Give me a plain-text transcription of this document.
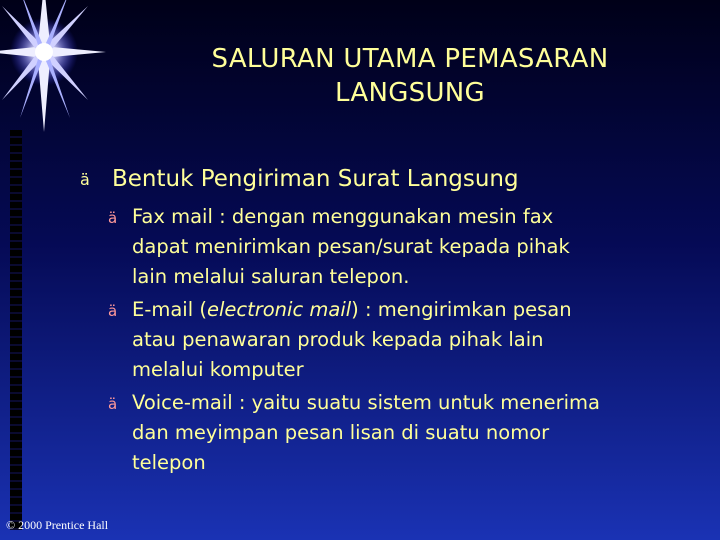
SALURAN UTAMA PEMASARAN
LANGSUNG
ä Bentuk Pengiriman Surat Langsung
ä Fax mail : dengan menggunakan mesin fax
dapat menirimkan pesan/surat kepada pihak
lain melalui saluran telepon.
ä E-mail (electronic mail) : mengirimkan pesan
atau penawaran produk kepada pihak lain
melalui komputer
ä Voice-mail : yaitu suatu sistem untuk menerima
dan meyimpan pesan lisan di suatu nomor
telepon
© 2000 Prentice Hall
